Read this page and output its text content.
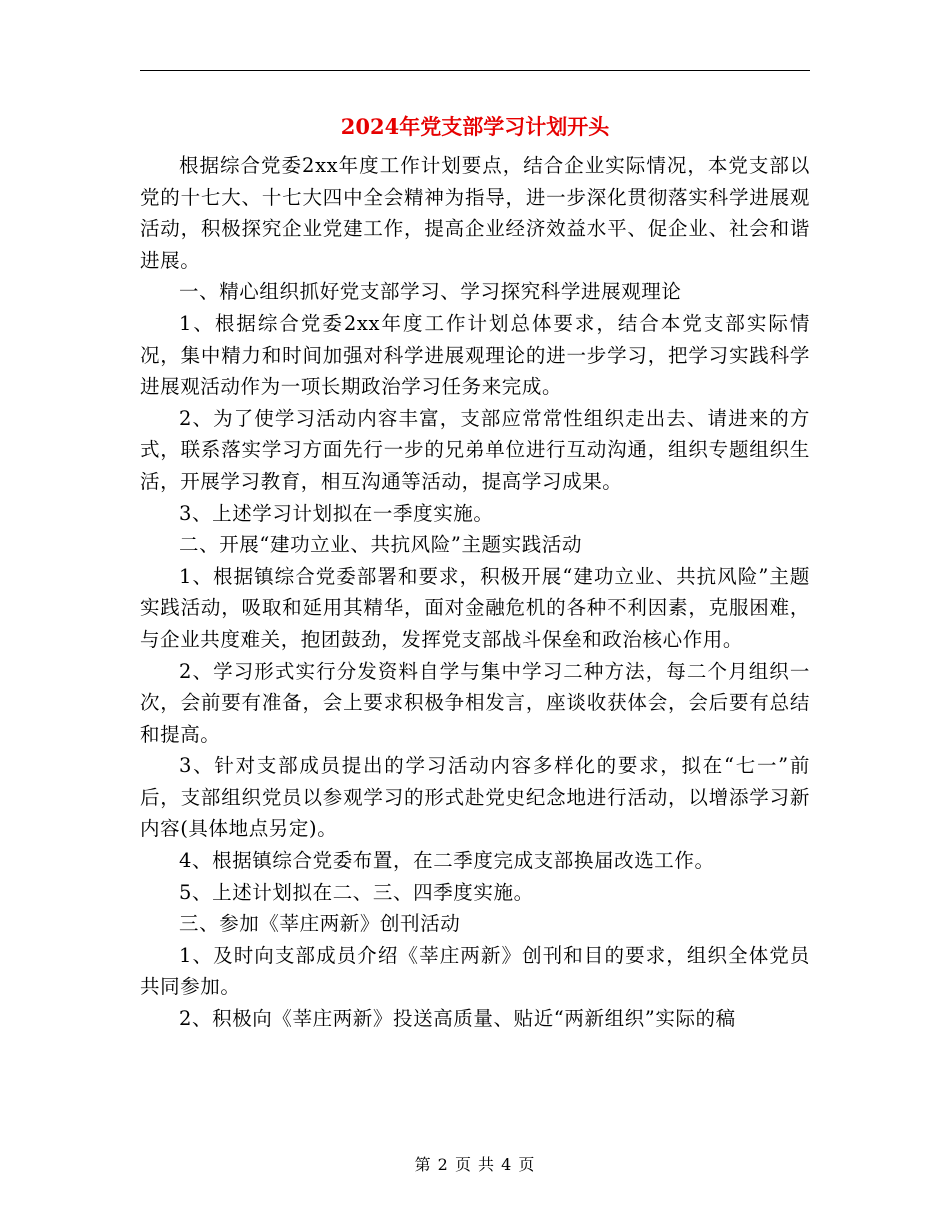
2024年党支部学习计划开头

根据综合党委2xx年度工作计划要点，结合企业实际情况，本党支部以党的十七大、十七大四中全会精神为指导，进一步深化贯彻落实科学进展观活动，积极探究企业党建工作，提高企业经济效益水平、促企业、社会和谐进展。

一、精心组织抓好党支部学习、学习探究科学进展观理论

1、根据综合党委2xx年度工作计划总体要求，结合本党支部实际情况，集中精力和时间加强对科学进展观理论的进一步学习，把学习实践科学进展观活动作为一项长期政治学习任务来完成。

2、为了使学习活动内容丰富，支部应常常性组织走出去、请进来的方式，联系落实学习方面先行一步的兄弟单位进行互动沟通，组织专题组织生活，开展学习教育，相互沟通等活动，提高学习成果。

3、上述学习计划拟在一季度实施。

二、开展“建功立业、共抗风险”主题实践活动

1、根据镇综合党委部署和要求，积极开展“建功立业、共抗风险”主题实践活动，吸取和延用其精华，面对金融危机的各种不利因素，克服困难，与企业共度难关，抱团鼓劲，发挥党支部战斗保垒和政治核心作用。

2、学习形式实行分发资料自学与集中学习二种方法，每二个月组织一次，会前要有准备，会上要求积极争相发言，座谈收获体会，会后要有总结和提高。

3、针对支部成员提出的学习活动内容多样化的要求，拟在“七一”前后，支部组织党员以参观学习的形式赴党史纪念地进行活动，以增添学习新内容(具体地点另定)。

4、根据镇综合党委布置，在二季度完成支部换届改选工作。

5、上述计划拟在二、三、四季度实施。

三、参加《莘庄两新》创刊活动

1、及时向支部成员介绍《莘庄两新》创刊和目的要求，组织全体党员共同参加。

2、积极向《莘庄两新》投送高质量、贴近“两新组织”实际的稿

第 2 页 共 4 页
